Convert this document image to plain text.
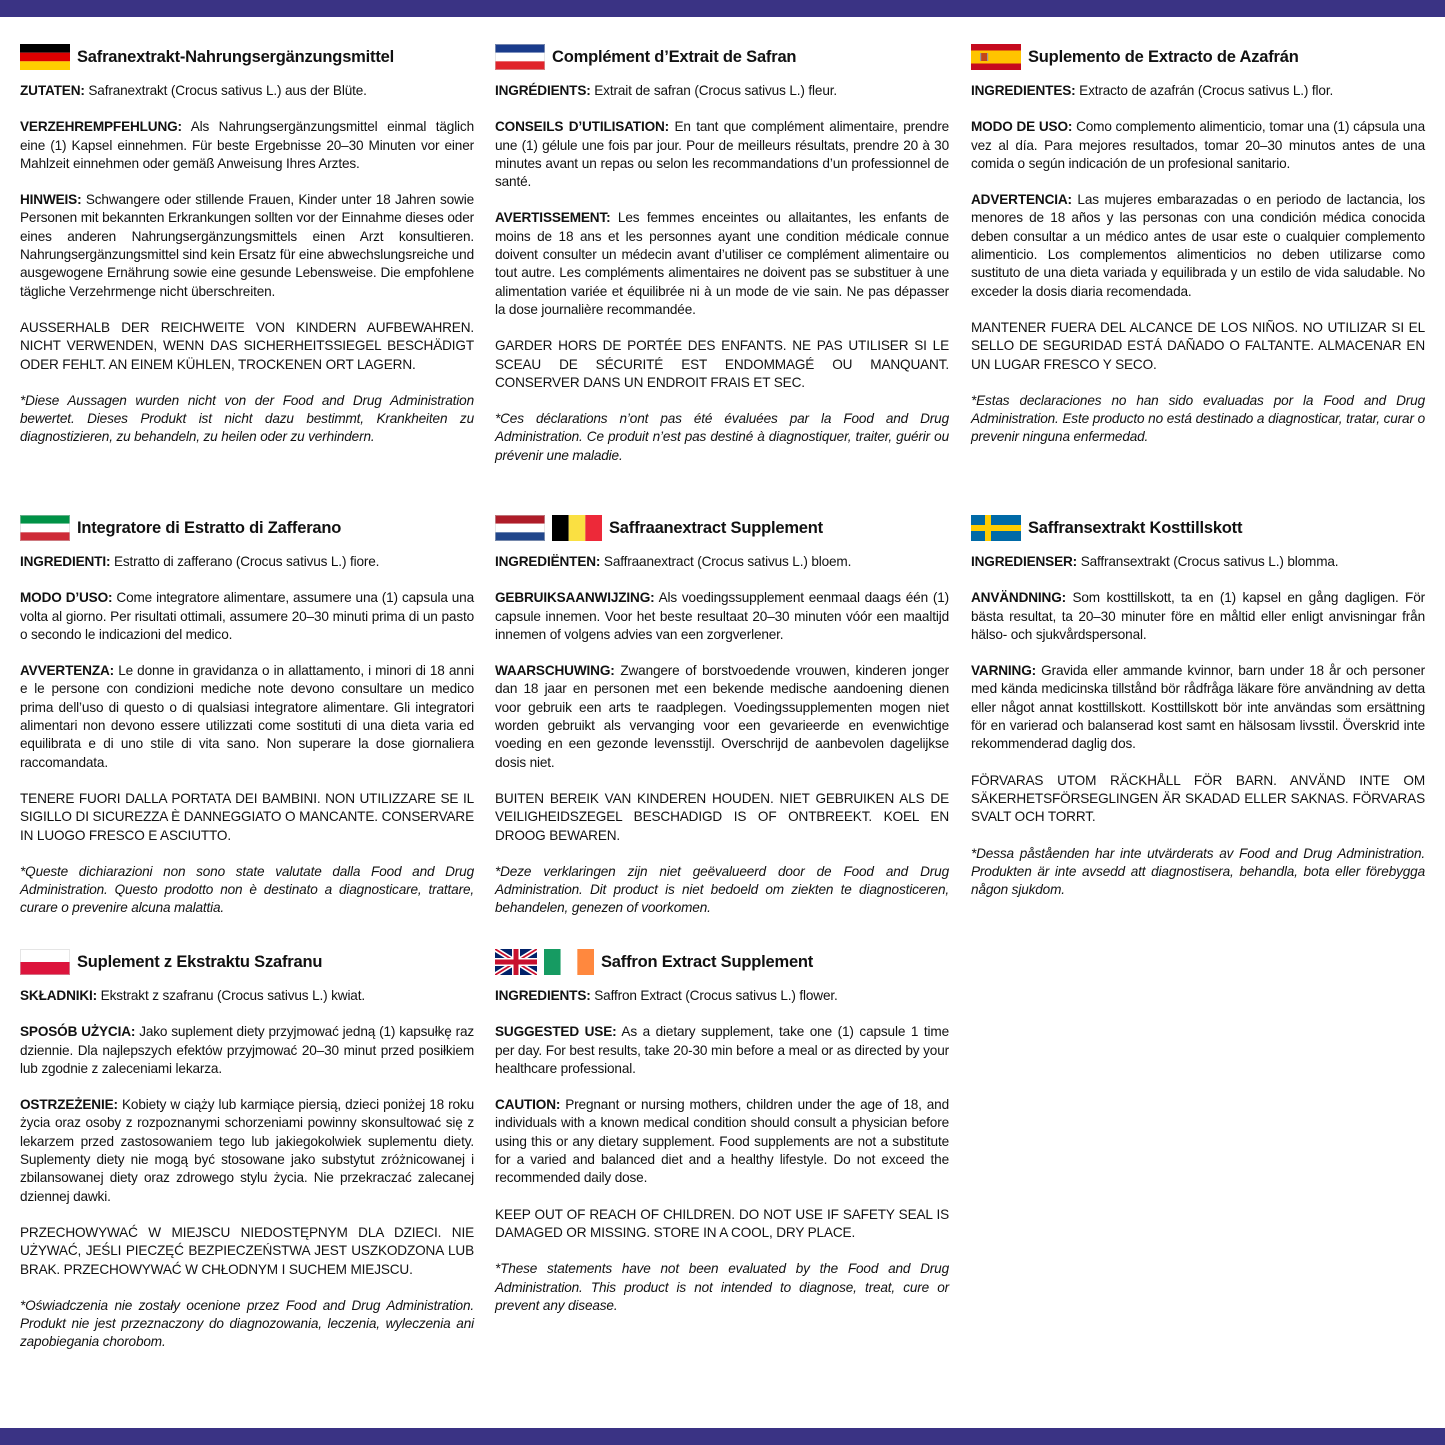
Safranextrakt-Nahrungsergänzungsmittel

ZUTATEN: Safranextrakt (Crocus sativus L.) aus der Blüte.

VERZEHREMPFEHLUNG: Als Nahrungsergänzungsmittel einmal täglich eine (1) Kapsel einnehmen. Für beste Ergebnisse 20–30 Minuten vor einer Mahlzeit einnehmen oder gemäß Anweisung Ihres Arztes.

HINWEIS: Schwangere oder stillende Frauen, Kinder unter 18 Jahren sowie Personen mit bekannten Erkrankungen sollten vor der Einnahme dieses oder eines anderen Nahrungsergänzungsmittels einen Arzt konsultieren. Nahrungsergänzungsmittel sind kein Ersatz für eine abwechslungsreiche und ausgewogene Ernährung sowie eine gesunde Lebensweise. Die empfohlene tägliche Verzehrmenge nicht überschreiten.

AUSSERHALB DER REICHWEITE VON KINDERN AUFBEWAHREN. NICHT VERWENDEN, WENN DAS SICHERHEITSSIEGEL BESCHÄDIGT ODER FEHLT. AN EINEM KÜHLEN, TROCKENEN ORT LAGERN.

*Diese Aussagen wurden nicht von der Food and Drug Administration bewertet. Dieses Produkt ist nicht dazu bestimmt, Krankheiten zu diagnostizieren, zu behandeln, zu heilen oder zu verhindern.

Complément d’Extrait de Safran

INGRÉDIENTS: Extrait de safran (Crocus sativus L.) fleur.

CONSEILS D’UTILISATION: En tant que complément alimentaire, prendre une (1) gélule une fois par jour. Pour de meilleurs résultats, prendre 20 à 30 minutes avant un repas ou selon les recommandations d’un professionnel de santé.

AVERTISSEMENT: Les femmes enceintes ou allaitantes, les enfants de moins de 18 ans et les personnes ayant une condition médicale connue doivent consulter un médecin avant d’utiliser ce complément alimentaire ou tout autre. Les compléments alimentaires ne doivent pas se substituer à une alimentation variée et équilibrée ni à un mode de vie sain. Ne pas dépasser la dose journalière recommandée.

GARDER HORS DE PORTÉE DES ENFANTS. NE PAS UTILISER SI LE SCEAU DE SÉCURITÉ EST ENDOMMAGÉ OU MANQUANT. CONSERVER DANS UN ENDROIT FRAIS ET SEC.

*Ces déclarations n’ont pas été évaluées par la Food and Drug Administration. Ce produit n’est pas destiné à diagnostiquer, traiter, guérir ou prévenir une maladie.

Suplemento de Extracto de Azafrán

INGREDIENTES: Extracto de azafrán (Crocus sativus L.) flor.

MODO DE USO: Como complemento alimenticio, tomar una (1) cápsula una vez al día. Para mejores resultados, tomar 20–30 minutos antes de una comida o según indicación de un profesional sanitario.

ADVERTENCIA: Las mujeres embarazadas o en periodo de lactancia, los menores de 18 años y las personas con una condición médica conocida deben consultar a un médico antes de usar este o cualquier complemento alimenticio. Los complementos alimenticios no deben utilizarse como sustituto de una dieta variada y equilibrada y un estilo de vida saludable. No exceder la dosis diaria recomendada.

MANTENER FUERA DEL ALCANCE DE LOS NIÑOS. NO UTILIZAR SI EL SELLO DE SEGURIDAD ESTÁ DAÑADO O FALTANTE. ALMACENAR EN UN LUGAR FRESCO Y SECO.

*Estas declaraciones no han sido evaluadas por la Food and Drug Administration. Este producto no está destinado a diagnosticar, tratar, curar o prevenir ninguna enfermedad.

Integratore di Estratto di Zafferano

INGREDIENTI: Estratto di zafferano (Crocus sativus L.) fiore.

MODO D’USO: Come integratore alimentare, assumere una (1) capsula una volta al giorno. Per risultati ottimali, assumere 20–30 minuti prima di un pasto o secondo le indicazioni del medico.

AVVERTENZA: Le donne in gravidanza o in allattamento, i minori di 18 anni e le persone con condizioni mediche note devono consultare un medico prima dell’uso di questo o di qualsiasi integratore alimentare. Gli integratori alimentari non devono essere utilizzati come sostituti di una dieta varia ed equilibrata e di uno stile di vita sano. Non superare la dose giornaliera raccomandata.

TENERE FUORI DALLA PORTATA DEI BAMBINI. NON UTILIZZARE SE IL SIGILLO DI SICUREZZA È DANNEGGIATO O MANCANTE. CONSERVARE IN LUOGO FRESCO E ASCIUTTO.

*Queste dichiarazioni non sono state valutate dalla Food and Drug Administration. Questo prodotto non è destinato a diagnosticare, trattare, curare o prevenire alcuna malattia.

Saffraanextract Supplement

INGREDIËNTEN: Saffraanextract (Crocus sativus L.) bloem.

GEBRUIKSAANWIJZING: Als voedingssupplement eenmaal daags één (1) capsule innemen. Voor het beste resultaat 20–30 minuten vóór een maaltijd innemen of volgens advies van een zorgverlener.

WAARSCHUWING: Zwangere of borstvoedende vrouwen, kinderen jonger dan 18 jaar en personen met een bekende medische aandoening dienen voor gebruik een arts te raadplegen. Voedingssupplementen mogen niet worden gebruikt als vervanging voor een gevarieerde en evenwichtige voeding en een gezonde levensstijl. Overschrijd de aanbevolen dagelijkse dosis niet.

BUITEN BEREIK VAN KINDEREN HOUDEN. NIET GEBRUIKEN ALS DE VEILIGHEIDSZEGEL BESCHADIGD IS OF ONTBREEKT. KOEL EN DROOG BEWAREN.

*Deze verklaringen zijn niet geëvalueerd door de Food and Drug Administration. Dit product is niet bedoeld om ziekten te diagnosticeren, behandelen, genezen of voorkomen.

Saffransextrakt Kosttillskott

INGREDIENSER: Saffransextrakt (Crocus sativus L.) blomma.

ANVÄNDNING: Som kosttillskott, ta en (1) kapsel en gång dagligen. För bästa resultat, ta 20–30 minuter före en måltid eller enligt anvisningar från hälso- och sjukvårdspersonal.

VARNING: Gravida eller ammande kvinnor, barn under 18 år och personer med kända medicinska tillstånd bör rådfråga läkare före användning av detta eller något annat kosttillskott. Kosttillskott bör inte användas som ersättning för en varierad och balanserad kost samt en hälsosam livsstil. Överskrid inte rekommenderad daglig dos.

FÖRVARAS UTOM RÄCKHÅLL FÖR BARN. ANVÄND INTE OM SÄKERHETSFÖRSEGLINGEN ÄR SKADAD ELLER SAKNAS. FÖRVARAS SVALT OCH TORRT.

*Dessa påståenden har inte utvärderats av Food and Drug Administration. Produkten är inte avsedd att diagnostisera, behandla, bota eller förebygga någon sjukdom.

Suplement z Ekstraktu Szafranu

SKŁADNIKI: Ekstrakt z szafranu (Crocus sativus L.) kwiat.

SPOSÓB UŻYCIA: Jako suplement diety przyjmować jedną (1) kapsułkę raz dziennie. Dla najlepszych efektów przyjmować 20–30 minut przed posiłkiem lub zgodnie z zaleceniami lekarza.

OSTRZEŻENIE: Kobiety w ciąży lub karmiące piersią, dzieci poniżej 18 roku życia oraz osoby z rozpoznanymi schorzeniami powinny skonsultować się z lekarzem przed zastosowaniem tego lub jakiegokolwiek suplementu diety. Suplementy diety nie mogą być stosowane jako substytut zróżnicowanej i zbilansowanej diety oraz zdrowego stylu życia. Nie przekraczać zalecanej dziennej dawki.

PRZECHOWYWAĆ W MIEJSCU NIEDOSTĘPNYM DLA DZIECI. NIE UŻYWAĆ, JEŚLI PIECZĘĆ BEZPIECZEŃSTWA JEST USZKODZONA LUB BRAK. PRZECHOWYWAĆ W CHŁODNYM I SUCHEM MIEJSCU.

*Oświadczenia nie zostały ocenione przez Food and Drug Administration. Produkt nie jest przeznaczony do diagnozowania, leczenia, wyleczenia ani zapobiegania chorobom.

Saffron Extract Supplement

INGREDIENTS: Saffron Extract (Crocus sativus L.) flower.

SUGGESTED USE: As a dietary supplement, take one (1) capsule 1 time per day. For best results, take 20-30 min before a meal or as directed by your healthcare professional.

CAUTION: Pregnant or nursing mothers, children under the age of 18, and individuals with a known medical condition should consult a physician before using this or any dietary supplement. Food supplements are not a substitute for a varied and balanced diet and a healthy lifestyle. Do not exceed the recommended daily dose.

KEEP OUT OF REACH OF CHILDREN. DO NOT USE IF SAFETY SEAL IS DAMAGED OR MISSING. STORE IN A COOL, DRY PLACE.

*These statements have not been evaluated by the Food and Drug Administration. This product is not intended to diagnose, treat, cure or prevent any disease.
